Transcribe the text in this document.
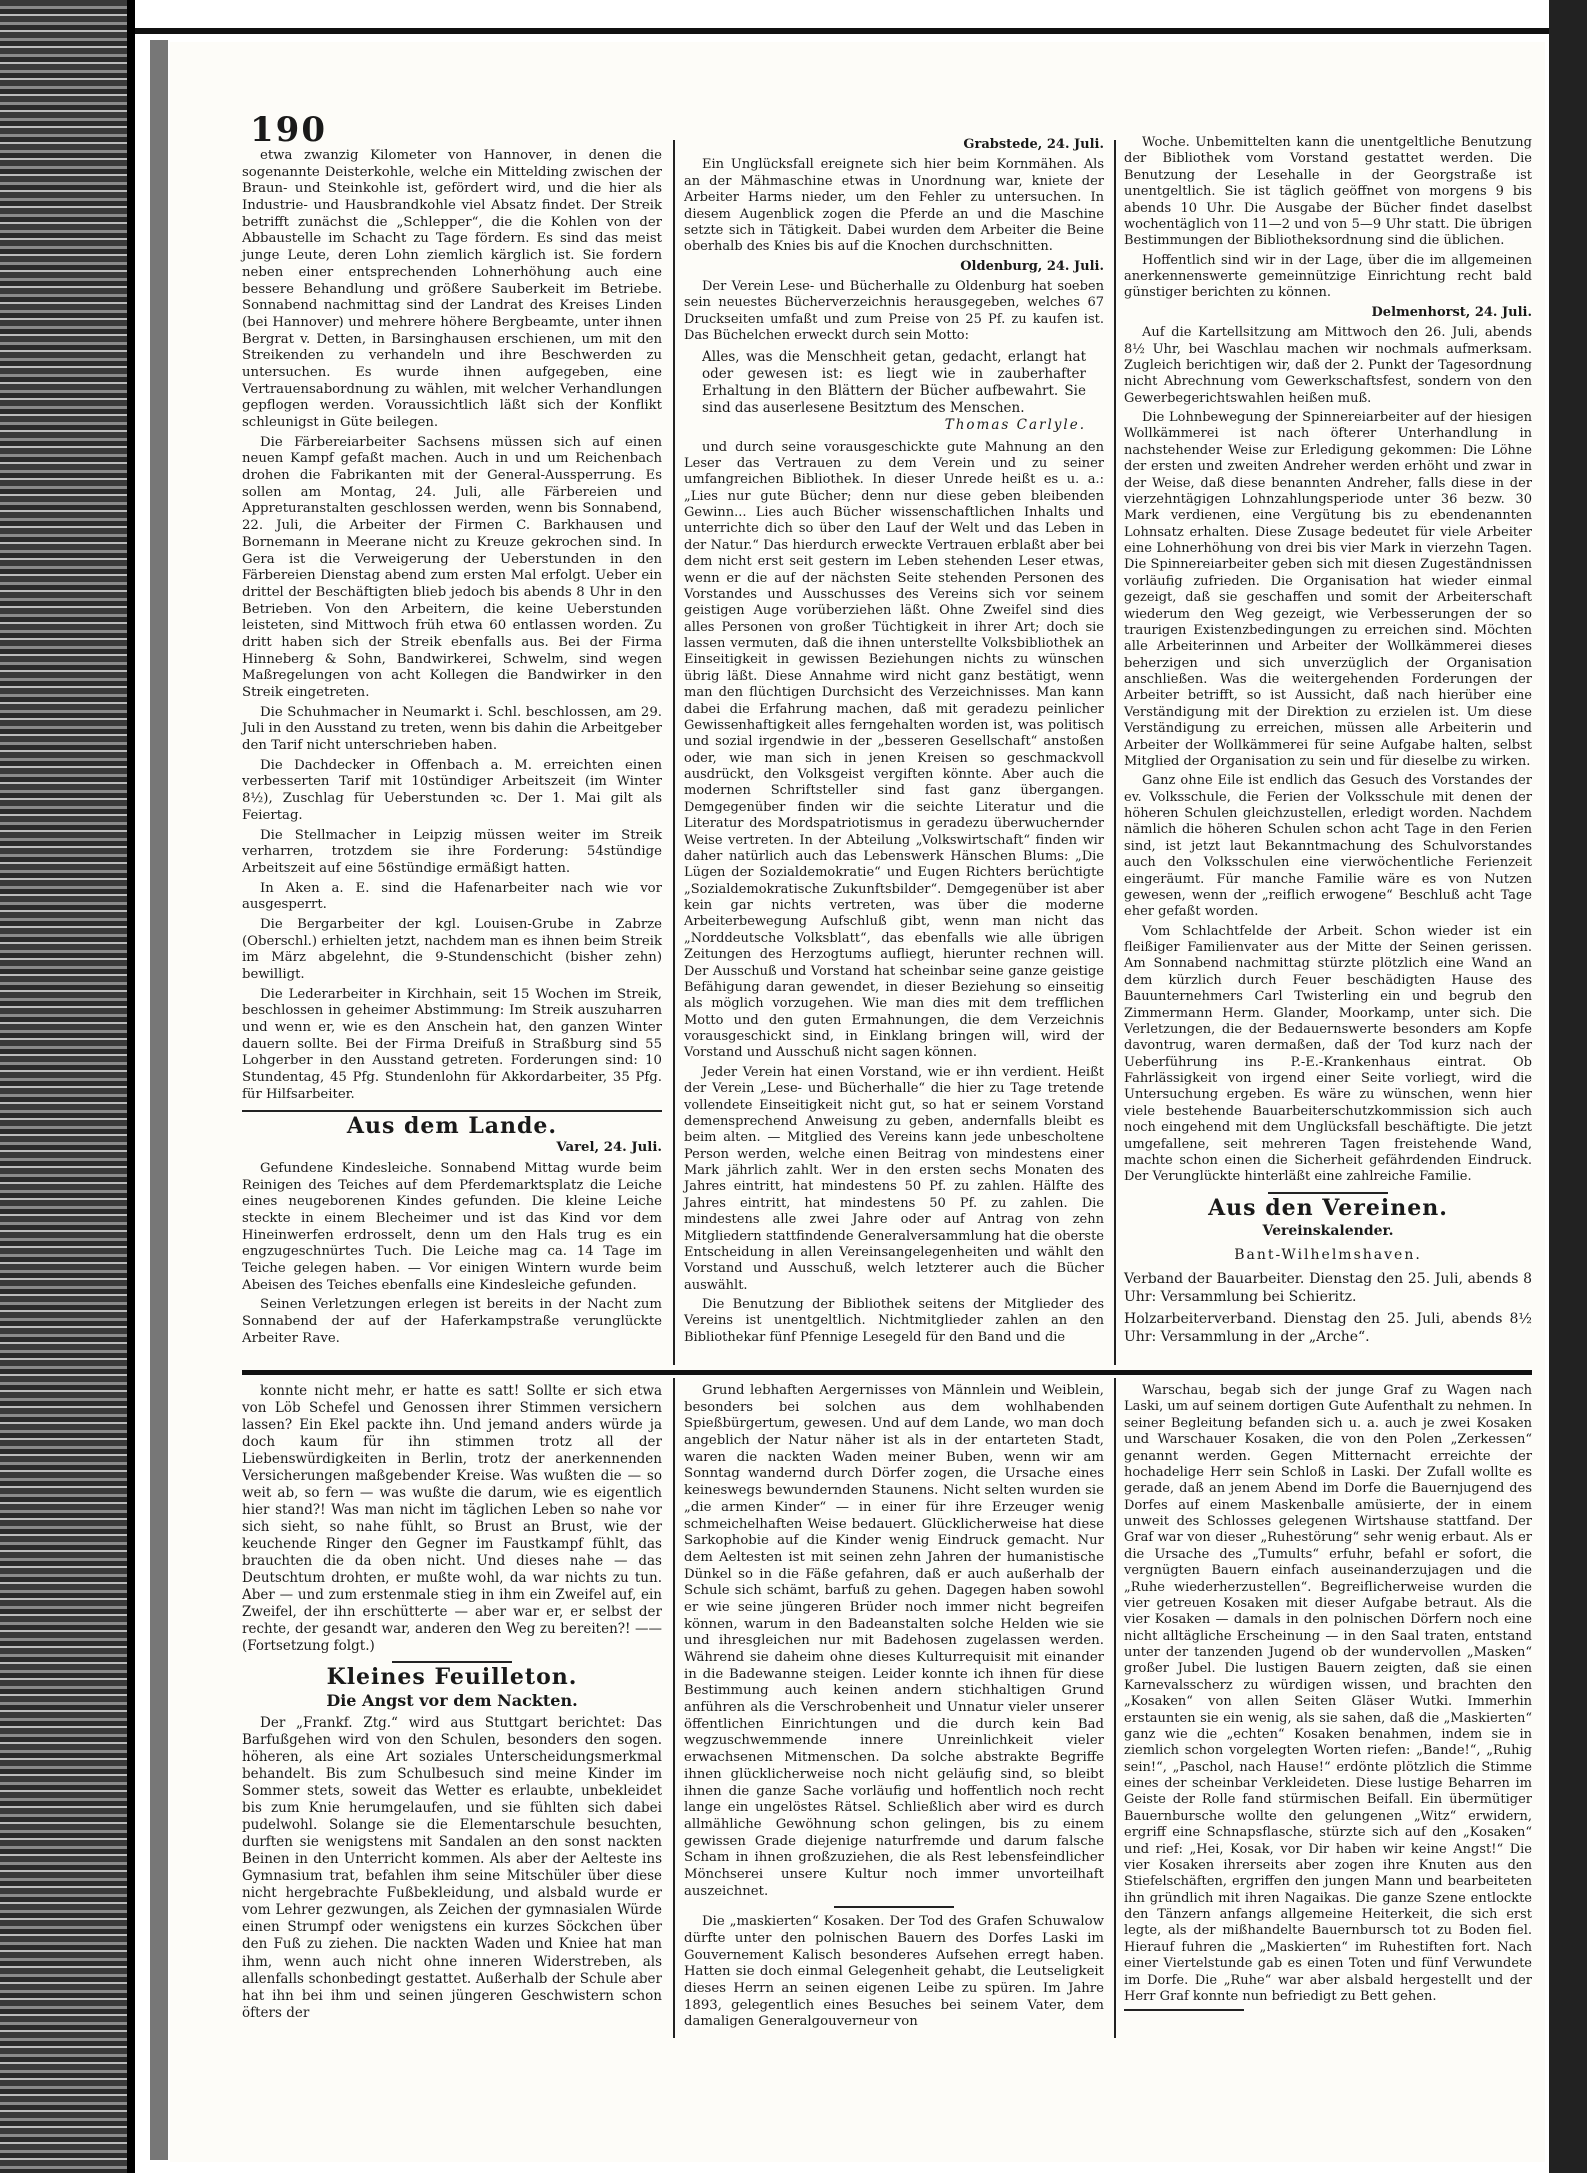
190

etwa zwanzig Kilometer von Hannover, in denen die sogenannte Deisterkohle, welche ein Mittelding zwischen der Braun- und Steinkohle ist, gefördert wird, und die hier als Industrie- und Hausbrandkohle viel Absatz findet. Der Streik betrifft zunächst die „Schlepper“, die die Kohlen von der Abbaustelle im Schacht zu Tage fördern. Es sind das meist junge Leute, deren Lohn ziemlich kärglich ist. Sie fordern neben einer entsprechenden Lohnerhöhung auch eine bessere Behandlung und größere Sauberkeit im Betriebe. Sonnabend nachmittag sind der Landrat des Kreises Linden (bei Hannover) und mehrere höhere Bergbeamte, unter ihnen Bergrat v. Detten, in Barsinghausen erschienen, um mit den Streikenden zu verhandeln und ihre Beschwerden zu untersuchen. Es wurde ihnen aufgegeben, eine Vertrauensabordnung zu wählen, mit welcher Verhandlungen gepflogen werden. Voraussichtlich läßt sich der Konflikt schleunigst in Güte beilegen.

Die Färbereiarbeiter Sachsens müssen sich auf einen neuen Kampf gefaßt machen. Auch in und um Reichenbach drohen die Fabrikanten mit der General-Aussperrung. Es sollen am Montag, 24. Juli, alle Färbereien und Appreturanstalten geschlossen werden, wenn bis Sonnabend, 22. Juli, die Arbeiter der Firmen C. Barkhausen und Bornemann in Meerane nicht zu Kreuze gekrochen sind. In Gera ist die Verweigerung der Ueberstunden in den Färbereien Dienstag abend zum ersten Mal erfolgt. Ueber ein drittel der Beschäftigten blieb jedoch bis abends 8 Uhr in den Betrieben. Von den Arbeitern, die keine Ueberstunden leisteten, sind Mittwoch früh etwa 60 entlassen worden. Zu dritt haben sich der Streik ebenfalls aus. Bei der Firma Hinneberg & Sohn, Bandwirkerei, Schwelm, sind wegen Maßregelungen von acht Kollegen die Bandwirker in den Streik eingetreten.

Die Schuhmacher in Neumarkt i. Schl. beschlossen, am 29. Juli in den Ausstand zu treten, wenn bis dahin die Arbeitgeber den Tarif nicht unterschrieben haben.

Die Dachdecker in Offenbach a. M. erreichten einen verbesserten Tarif mit 10stündiger Arbeitszeit (im Winter 8½), Zuschlag für Ueberstunden ꝛc. Der 1. Mai gilt als Feiertag.

Die Stellmacher in Leipzig müssen weiter im Streik verharren, trotzdem sie ihre Forderung: 54stündige Arbeitszeit auf eine 56stündige ermäßigt hatten.

In Aken a. E. sind die Hafenarbeiter nach wie vor ausgesperrt.

Die Bergarbeiter der kgl. Louisen-Grube in Zabrze (Oberschl.) erhielten jetzt, nachdem man es ihnen beim Streik im März abgelehnt, die 9-Stundenschicht (bisher zehn) bewilligt.

Die Lederarbeiter in Kirchhain, seit 15 Wochen im Streik, beschlossen in geheimer Abstimmung: Im Streik auszuharren und wenn er, wie es den Anschein hat, den ganzen Winter dauern sollte. Bei der Firma Dreifuß in Straßburg sind 55 Lohgerber in den Ausstand getreten. Forderungen sind: 10 Stundentag, 45 Pfg. Stundenlohn für Akkordarbeiter, 35 Pfg. für Hilfsarbeiter.

Aus dem Lande.
Varel, 24. Juli.

Gefundene Kindesleiche. Sonnabend Mittag wurde beim Reinigen des Teiches auf dem Pferdemarktsplatz die Leiche eines neugeborenen Kindes gefunden. Die kleine Leiche steckte in einem Blecheimer und ist das Kind vor dem Hineinwerfen erdrosselt, denn um den Hals trug es ein engzugeschnürtes Tuch. Die Leiche mag ca. 14 Tage im Teiche gelegen haben. — Vor einigen Wintern wurde beim Abeisen des Teiches ebenfalls eine Kindesleiche gefunden.

Seinen Verletzungen erlegen ist bereits in der Nacht zum Sonnabend der auf der Haferkampstraße verunglückte Arbeiter Rave.

Grabstede, 24. Juli.

Ein Unglücksfall ereignete sich hier beim Kornmähen. Als an der Mähmaschine etwas in Unordnung war, kniete der Arbeiter Harms nieder, um den Fehler zu untersuchen. In diesem Augenblick zogen die Pferde an und die Maschine setzte sich in Tätigkeit. Dabei wurden dem Arbeiter die Beine oberhalb des Knies bis auf die Knochen durchschnitten.

Oldenburg, 24. Juli.

Der Verein Lese- und Bücherhalle zu Oldenburg hat soeben sein neuestes Bücherverzeichnis herausgegeben, welches 67 Druckseiten umfaßt und zum Preise von 25 Pf. zu kaufen ist. Das Büchelchen erweckt durch sein Motto:

Alles, was die Menschheit getan, gedacht, erlangt hat oder gewesen ist: es liegt wie in zauberhafter Erhaltung in den Blättern der Bücher aufbewahrt. Sie sind das auserlesene Besitztum des Menschen.
Thomas Carlyle.

und durch seine vorausgeschickte gute Mahnung an den Leser das Vertrauen zu dem Verein und zu seiner umfangreichen Bibliothek. In dieser Unrede heißt es u. a.: „Lies nur gute Bücher; denn nur diese geben bleibenden Gewinn... Lies auch Bücher wissenschaftlichen Inhalts und unterrichte dich so über den Lauf der Welt und das Leben in der Natur.“ Das hierdurch erweckte Vertrauen erblaßt aber bei dem nicht erst seit gestern im Leben stehenden Leser etwas, wenn er die auf der nächsten Seite stehenden Personen des Vorstandes und Ausschusses des Vereins sich vor seinem geistigen Auge vorüberziehen läßt. Ohne Zweifel sind dies alles Personen von großer Tüchtigkeit in ihrer Art; doch sie lassen vermuten, daß die ihnen unterstellte Volksbibliothek an Einseitigkeit in gewissen Beziehungen nichts zu wünschen übrig läßt. Diese Annahme wird nicht ganz bestätigt, wenn man den flüchtigen Durchsicht des Verzeichnisses. Man kann dabei die Erfahrung machen, daß mit geradezu peinlicher Gewissenhaftigkeit alles ferngehalten worden ist, was politisch und sozial irgendwie in der „besseren Gesellschaft“ anstoßen oder, wie man sich in jenen Kreisen so geschmackvoll ausdrückt, den Volksgeist vergiften könnte. Aber auch die modernen Schriftsteller sind fast ganz übergangen. Demgegenüber finden wir die seichte Literatur und die Literatur des Mordspatriotismus in geradezu überwuchernder Weise vertreten. In der Abteilung „Volkswirtschaft“ finden wir daher natürlich auch das Lebenswerk Hänschen Blums: „Die Lügen der Sozialdemokratie“ und Eugen Richters berüchtigte „Sozialdemokratische Zukunftsbilder“. Demgegenüber ist aber kein gar nichts vertreten, was über die moderne Arbeiterbewegung Aufschluß gibt, wenn man nicht das „Norddeutsche Volksblatt“, das ebenfalls wie alle übrigen Zeitungen des Herzogtums aufliegt, hierunter rechnen will. Der Ausschuß und Vorstand hat scheinbar seine ganze geistige Befähigung daran gewendet, in dieser Beziehung so einseitig als möglich vorzugehen. Wie man dies mit dem trefflichen Motto und den guten Ermahnungen, die dem Verzeichnis vorausgeschickt sind, in Einklang bringen will, wird der Vorstand und Ausschuß nicht sagen können.

Jeder Verein hat einen Vorstand, wie er ihn verdient. Heißt der Verein „Lese- und Bücherhalle“ die hier zu Tage tretende vollendete Einseitigkeit nicht gut, so hat er seinem Vorstand demensprechend Anweisung zu geben, andernfalls bleibt es beim alten. — Mitglied des Vereins kann jede unbescholtene Person werden, welche einen Beitrag von mindestens einer Mark jährlich zahlt. Wer in den ersten sechs Monaten des Jahres eintritt, hat mindestens 50 Pf. zu zahlen. Hälfte des Jahres eintritt, hat mindestens 50 Pf. zu zahlen. Die mindestens alle zwei Jahre oder auf Antrag von zehn Mitgliedern stattfindende Generalversammlung hat die oberste Entscheidung in allen Vereinsangelegenheiten und wählt den Vorstand und Ausschuß, welch letzterer auch die Bücher auswählt.

Die Benutzung der Bibliothek seitens der Mitglieder des Vereins ist unentgeltlich. Nichtmitglieder zahlen an den Bibliothekar fünf Pfennige Lesegeld für den Band und die

Woche. Unbemittelten kann die unentgeltliche Benutzung der Bibliothek vom Vorstand gestattet werden. Die Benutzung der Lesehalle in der Georgstraße ist unentgeltlich. Sie ist täglich geöffnet von morgens 9 bis abends 10 Uhr. Die Ausgabe der Bücher findet daselbst wochentäglich von 11—2 und von 5—9 Uhr statt. Die übrigen Bestimmungen der Bibliotheksordnung sind die üblichen.

Hoffentlich sind wir in der Lage, über die im allgemeinen anerkennenswerte gemeinnützige Einrichtung recht bald günstiger berichten zu können.

Delmenhorst, 24. Juli.

Auf die Kartellsitzung am Mittwoch den 26. Juli, abends 8½ Uhr, bei Waschlau machen wir nochmals aufmerksam. Zugleich berichtigen wir, daß der 2. Punkt der Tagesordnung nicht Abrechnung vom Gewerkschaftsfest, sondern von den Gewerbegerichtswahlen heißen muß.

Die Lohnbewegung der Spinnereiarbeiter auf der hiesigen Wollkämmerei ist nach öfterer Unterhandlung in nachstehender Weise zur Erledigung gekommen: Die Löhne der ersten und zweiten Andreher werden erhöht und zwar in der Weise, daß diese benannten Andreher, falls diese in der vierzehntägigen Lohnzahlungsperiode unter 36 bezw. 30 Mark verdienen, eine Vergütung bis zu ebendenannten Lohnsatz erhalten. Diese Zusage bedeutet für viele Arbeiter eine Lohnerhöhung von drei bis vier Mark in vierzehn Tagen. Die Spinnereiarbeiter geben sich mit diesen Zugeständnissen vorläufig zufrieden. Die Organisation hat wieder einmal gezeigt, daß sie geschaffen und somit der Arbeiterschaft wiederum den Weg gezeigt, wie Verbesserungen der so traurigen Existenzbedingungen zu erreichen sind. Möchten alle Arbeiterinnen und Arbeiter der Wollkämmerei dieses beherzigen und sich unverzüglich der Organisation anschließen. Was die weitergehenden Forderungen der Arbeiter betrifft, so ist Aussicht, daß nach hierüber eine Verständigung mit der Direktion zu erzielen ist. Um diese Verständigung zu erreichen, müssen alle Arbeiterin und Arbeiter der Wollkämmerei für seine Aufgabe halten, selbst Mitglied der Organisation zu sein und für dieselbe zu wirken.

Ganz ohne Eile ist endlich das Gesuch des Vorstandes der ev. Volksschule, die Ferien der Volksschule mit denen der höheren Schulen gleichzustellen, erledigt worden. Nachdem nämlich die höheren Schulen schon acht Tage in den Ferien sind, ist jetzt laut Bekanntmachung des Schulvorstandes auch den Volksschulen eine vierwöchentliche Ferienzeit eingeräumt. Für manche Familie wäre es von Nutzen gewesen, wenn der „reiflich erwogene“ Beschluß acht Tage eher gefaßt worden.

Vom Schlachtfelde der Arbeit. Schon wieder ist ein fleißiger Familienvater aus der Mitte der Seinen gerissen. Am Sonnabend nachmittag stürzte plötzlich eine Wand an dem kürzlich durch Feuer beschädigten Hause des Bauunternehmers Carl Twisterling ein und begrub den Zimmermann Herm. Glander, Moorkamp, unter sich. Die Verletzungen, die der Bedauernswerte besonders am Kopfe davontrug, waren dermaßen, daß der Tod kurz nach der Ueberführung ins P.-E.-Krankenhaus eintrat. Ob Fahrlässigkeit von irgend einer Seite vorliegt, wird die Untersuchung ergeben. Es wäre zu wünschen, wenn hier viele bestehende Bauarbeiterschutzkommission sich auch noch eingehend mit dem Unglücksfall beschäftigte. Die jetzt umgefallene, seit mehreren Tagen freistehende Wand, machte schon einen die Sicherheit gefährdenden Eindruck. Der Verunglückte hinterläßt eine zahlreiche Familie.

Aus den Vereinen.
Vereinskalender.
Bant-Wilhelmshaven.
Verband der Bauarbeiter. Dienstag den 25. Juli, abends 8 Uhr: Versammlung bei Schieritz.
Holzarbeiterverband. Dienstag den 25. Juli, abends 8½ Uhr: Versammlung in der „Arche“.

konnte nicht mehr, er hatte es satt! Sollte er sich etwa von Löb Schefel und Genossen ihrer Stimmen versichern lassen? Ein Ekel packte ihn. Und jemand anders würde ja doch kaum für ihn stimmen trotz all der Liebenswürdigkeiten in Berlin, trotz der anerkennenden Versicherungen maßgebender Kreise. Was wußten die — so weit ab, so fern — was wußte die darum, wie es eigentlich hier stand?! Was man nicht im täglichen Leben so nahe vor sich sieht, so nahe fühlt, so Brust an Brust, wie der keuchende Ringer den Gegner im Faustkampf fühlt, das brauchten die da oben nicht. Und dieses nahe — das Deutschtum drohten, er mußte wohl, da war nichts zu tun. Aber — und zum erstenmale stieg in ihm ein Zweifel auf, ein Zweifel, der ihn erschütterte — aber war er, er selbst der rechte, der gesandt war, anderen den Weg zu bereiten?! —— (Fortsetzung folgt.)

Kleines Feuilleton.
Die Angst vor dem Nackten.

Der „Frankf. Ztg.“ wird aus Stuttgart berichtet: Das Barfußgehen wird von den Schulen, besonders den sogen. höheren, als eine Art soziales Unterscheidungsmerkmal behandelt. Bis zum Schulbesuch sind meine Kinder im Sommer stets, soweit das Wetter es erlaubte, unbekleidet bis zum Knie herumgelaufen, und sie fühlten sich dabei pudelwohl. Solange sie die Elementarschule besuchten, durften sie wenigstens mit Sandalen an den sonst nackten Beinen in den Unterricht kommen. Als aber der Aelteste ins Gymnasium trat, befahlen ihm seine Mitschüler über diese nicht hergebrachte Fußbekleidung, und alsbald wurde er vom Lehrer gezwungen, als Zeichen der gymnasialen Würde einen Strumpf oder wenigstens ein kurzes Söckchen über den Fuß zu ziehen. Die nackten Waden und Kniee hat man ihm, wenn auch nicht ohne inneren Widerstreben, als allenfalls schonbedingt gestattet. Außerhalb der Schule aber hat ihn bei ihm und seinen jüngeren Geschwistern schon öfters der

Grund lebhaften Aergernisses von Männlein und Weiblein, besonders bei solchen aus dem wohlhabenden Spießbürgertum, gewesen. Und auf dem Lande, wo man doch angeblich der Natur näher ist als in der entarteten Stadt, waren die nackten Waden meiner Buben, wenn wir am Sonntag wandernd durch Dörfer zogen, die Ursache eines keineswegs bewundernden Staunens. Nicht selten wurden sie „die armen Kinder“ — in einer für ihre Erzeuger wenig schmeichelhaften Weise bedauert. Glücklicherweise hat diese Sarkophobie auf die Kinder wenig Eindruck gemacht. Nur dem Aeltesten ist mit seinen zehn Jahren der humanistische Dünkel so in die Fäße gefahren, daß er auch außerhalb der Schule sich schämt, barfuß zu gehen. Dagegen haben sowohl er wie seine jüngeren Brüder noch immer nicht begreifen können, warum in den Badeanstalten solche Helden wie sie und ihresgleichen nur mit Badehosen zugelassen werden. Während sie daheim ohne dieses Kulturrequisit mit einander in die Badewanne steigen. Leider konnte ich ihnen für diese Bestimmung auch keinen andern stichhaltigen Grund anführen als die Verschrobenheit und Unnatur vieler unserer öffentlichen Einrichtungen und die durch kein Bad wegzuschwemmende innere Unreinlichkeit vieler erwachsenen Mitmenschen. Da solche abstrakte Begriffe ihnen glücklicherweise noch nicht geläufig sind, so bleibt ihnen die ganze Sache vorläufig und hoffentlich noch recht lange ein ungelöstes Rätsel. Schließlich aber wird es durch allmähliche Gewöhnung schon gelingen, bis zu einem gewissen Grade diejenige naturfremde und darum falsche Scham in ihnen großzuziehen, die als Rest lebensfeindlicher Mönchserei unsere Kultur noch immer unvorteilhaft auszeichnet.

Die „maskierten“ Kosaken. Der Tod des Grafen Schuwalow dürfte unter den polnischen Bauern des Dorfes Laski im Gouvernement Kalisch besonderes Aufsehen erregt haben. Hatten sie doch einmal Gelegenheit gehabt, die Leutseligkeit dieses Herrn an seinen eigenen Leibe zu spüren. Im Jahre 1893, gelegentlich eines Besuches bei seinem Vater, dem damaligen Generalgouverneur von

Warschau, begab sich der junge Graf zu Wagen nach Laski, um auf seinem dortigen Gute Aufenthalt zu nehmen. In seiner Begleitung befanden sich u. a. auch je zwei Kosaken und Warschauer Kosaken, die von den Polen „Zerkessen“ genannt werden. Gegen Mitternacht erreichte der hochadelige Herr sein Schloß in Laski. Der Zufall wollte es gerade, daß an jenem Abend im Dorfe die Bauernjugend des Dorfes auf einem Maskenballe amüsierte, der in einem unweit des Schlosses gelegenen Wirtshause stattfand. Der Graf war von dieser „Ruhestörung“ sehr wenig erbaut. Als er die Ursache des „Tumults“ erfuhr, befahl er sofort, die vergnügten Bauern einfach auseinanderzujagen und die „Ruhe wiederherzustellen“. Begreiflicherweise wurden die vier getreuen Kosaken mit dieser Aufgabe betraut. Als die vier Kosaken — damals in den polnischen Dörfern noch eine nicht alltägliche Erscheinung — in den Saal traten, entstand unter der tanzenden Jugend ob der wundervollen „Masken“ großer Jubel. Die lustigen Bauern zeigten, daß sie einen Karnevalsscherz zu würdigen wissen, und brachten den „Kosaken“ von allen Seiten Gläser Wutki. Immerhin erstaunten sie ein wenig, als sie sahen, daß die „Maskierten“ ganz wie die „echten“ Kosaken benahmen, indem sie in ziemlich schon vorgelegten Worten riefen: „Bande!“, „Ruhig sein!“, „Paschol, nach Hause!“ erdönte plötzlich die Stimme eines der scheinbar Verkleideten. Diese lustige Beharren im Geiste der Rolle fand stürmischen Beifall. Ein übermütiger Bauernbursche wollte den gelungenen „Witz“ erwidern, ergriff eine Schnapsflasche, stürzte sich auf den „Kosaken“ und rief: „Hei, Kosak, vor Dir haben wir keine Angst!“ Die vier Kosaken ihrerseits aber zogen ihre Knuten aus den Stiefelschäften, ergriffen den jungen Mann und bearbeiteten ihn gründlich mit ihren Nagaikas. Die ganze Szene entlockte den Tänzern anfangs allgemeine Heiterkeit, die sich erst legte, als der mißhandelte Bauernbursch tot zu Boden fiel. Hierauf fuhren die „Maskierten“ im Ruhestiften fort. Nach einer Viertelstunde gab es einen Toten und fünf Verwundete im Dorfe. Die „Ruhe“ war aber alsbald hergestellt und der Herr Graf konnte nun befriedigt zu Bett gehen.
